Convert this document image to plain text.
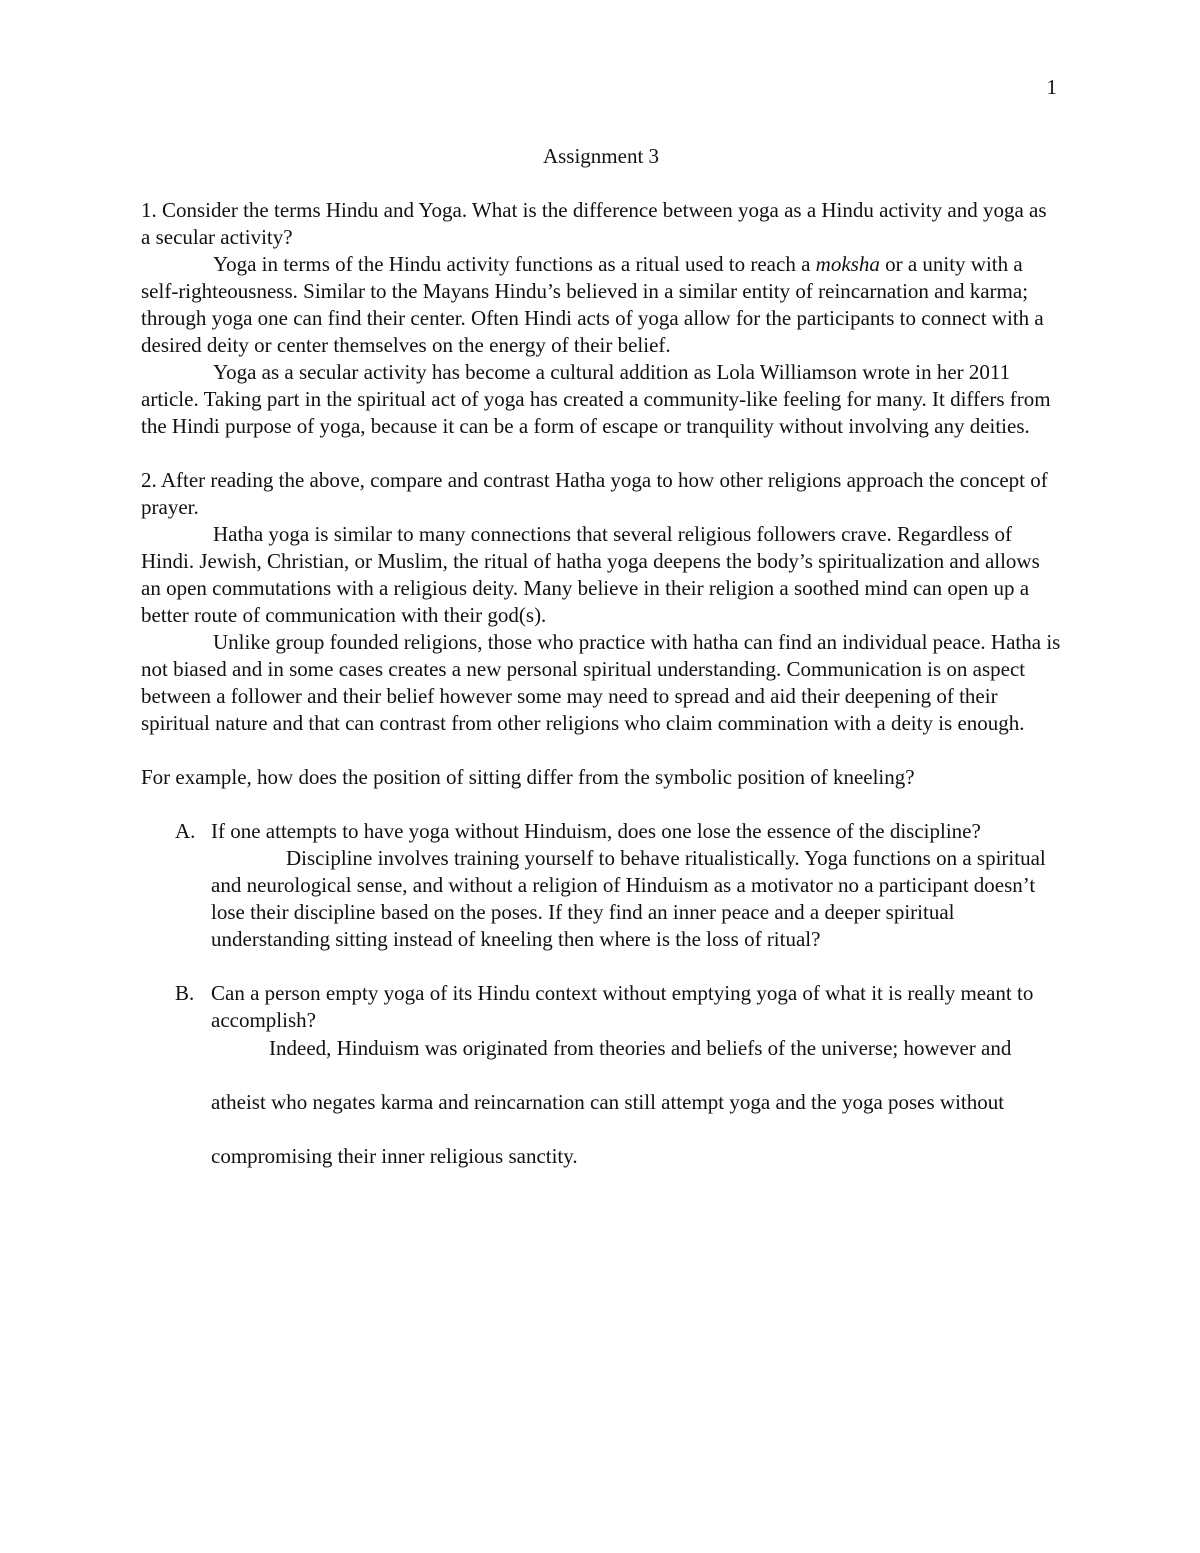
1
Assignment 3

1. Consider the terms Hindu and Yoga. What is the difference between yoga as a Hindu activity and yoga as a secular activity?

Yoga in terms of the Hindu activity functions as a ritual used to reach a moksha or a unity with a self-righteousness. Similar to the Mayans Hindu’s believed in a similar entity of reincarnation and karma; through yoga one can find their center. Often Hindi acts of yoga allow for the participants to connect with a desired deity or center themselves on the energy of their belief.

Yoga as a secular activity has become a cultural addition as Lola Williamson wrote in her 2011 article. Taking part in the spiritual act of yoga has created a community-like feeling for many. It differs from the Hindi purpose of yoga, because it can be a form of escape or tranquility without involving any deities.

2. After reading the above, compare and contrast Hatha yoga to how other religions approach the concept of prayer.

Hatha yoga is similar to many connections that several religious followers crave. Regardless of Hindi. Jewish, Christian, or Muslim, the ritual of hatha yoga deepens the body’s spiritualization and allows an open commutations with a religious deity. Many believe in their religion a soothed mind can open up a better route of communication with their god(s).

Unlike group founded religions, those who practice with hatha can find an individual peace. Hatha is not biased and in some cases creates a new personal spiritual understanding. Communication is on aspect between a follower and their belief however some may need to spread and aid their deepening of their spiritual nature and that can contrast from other religions who claim commination with a deity is enough.

For example, how does the position of sitting differ from the symbolic position of kneeling?

A. If one attempts to have yoga without Hinduism, does one lose the essence of the discipline?

Discipline involves training yourself to behave ritualistically. Yoga functions on a spiritual and neurological sense, and without a religion of Hinduism as a motivator no a participant doesn’t lose their discipline based on the poses. If they find an inner peace and a deeper spiritual understanding sitting instead of kneeling then where is the loss of ritual?

B. Can a person empty yoga of its Hindu context without emptying yoga of what it is really meant to accomplish?

Indeed, Hinduism was originated from theories and beliefs of the universe; however and atheist who negates karma and reincarnation can still attempt yoga and the yoga poses without compromising their inner religious sanctity.
